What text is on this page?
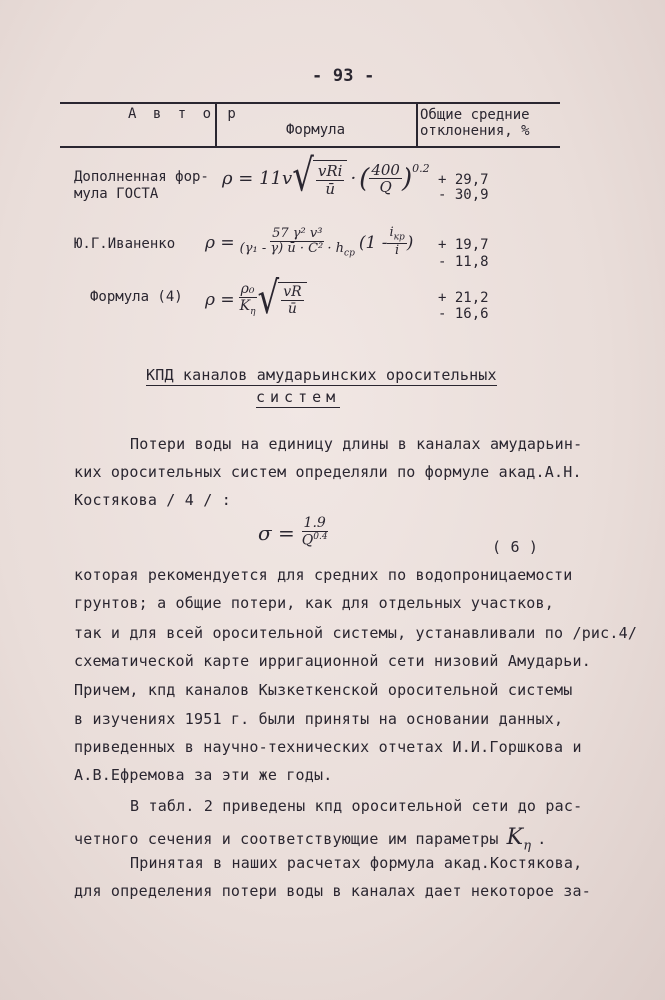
- 93 -
А в т о р
Формула
Общие средние
отклонения, %
Дополненная фор-
мула ГОСТА
ρ = 11v √ $\frac{\text{vRi}}{ū}$ · ( $\frac{400}{Q} )^{0.2}$
+ 29,7
- 30,9
Ю.Г.Иваненко $\rho = \frac{\text{57 γ² v³}}{(\gamma_1 - \gamma) ū \cdot C^2 \cdot h_{ср}} (1 - \frac{i_{кр}}{i}$ ) + 19,7
- 11,8
Формула (4) $\rho = \frac{\text{ρ₀}}{K_\eta}$ √ $\frac{vR}{ū}$	+ 21,2
- 16,6
КПД каналов амударьинских оросительных
систем
Потери воды на единицу длины в каналах амударьин-
ких оросительных систем определяли по формуле акад.А.Н.
Костякова / 4 / :
$\sigma = \frac{1.9}{Q^{0.4}}$	( 6 )
которая рекомендуется для средних по водопроницаемости
грунтов; а общие потери, как для отдельных участков,
так и для всей оросительной системы, устанавливали по /рис.4/
схематической карте ирригационной сети низовий Амударьи.
Причем, кпд каналов Кызкеткенской оросительной системы
в изучениях 1951 г. были приняты на основании данных,
приведенных в научно-технических отчетах И.И.Горшкова и
А.В.Ефремова за эти же годы.
В табл. 2 приведены кпд оросительной сети до рас-
четного сечения и соответствующие им параметры $K_\eta$ .
Принятая в наших расчетах формула акад.Костякова,
для определения потери воды в каналах дает некоторое за-
